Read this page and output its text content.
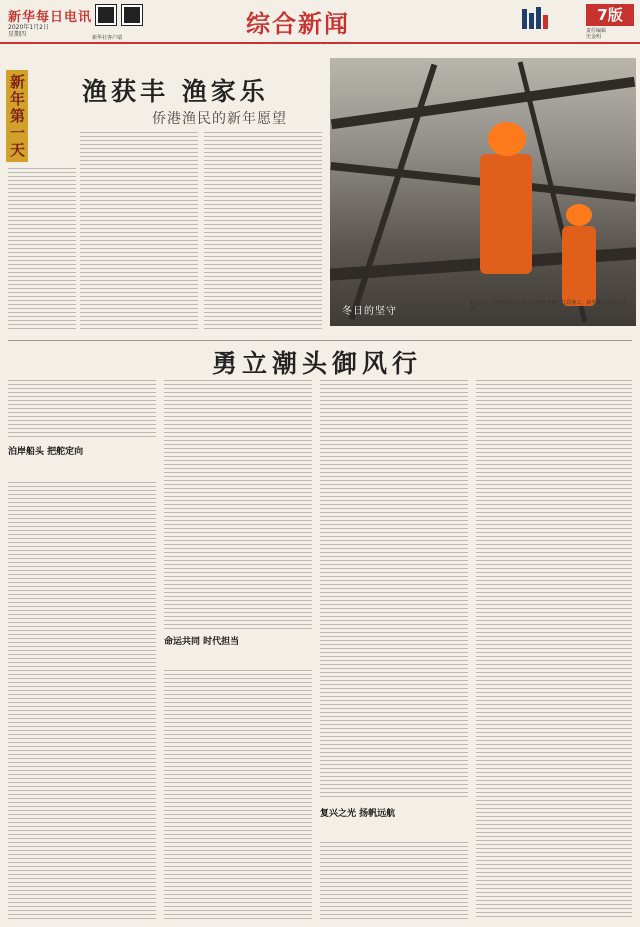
新华每日电讯
2020年1月2日
星期四	新华社客户端	综合新闻	7版
责任编辑
史金明
新年第一天 渔获丰 渔家乐
侨港渔民的新年愿望
冬日的坚守
1月1日，中铁四局工人在引江济淮安徽庐江段施工。新华社记者刘军喜摄
勇立潮头御风行
泊岸船头 把舵定向
命运共同 时代担当
复兴之光 扬帆远航
